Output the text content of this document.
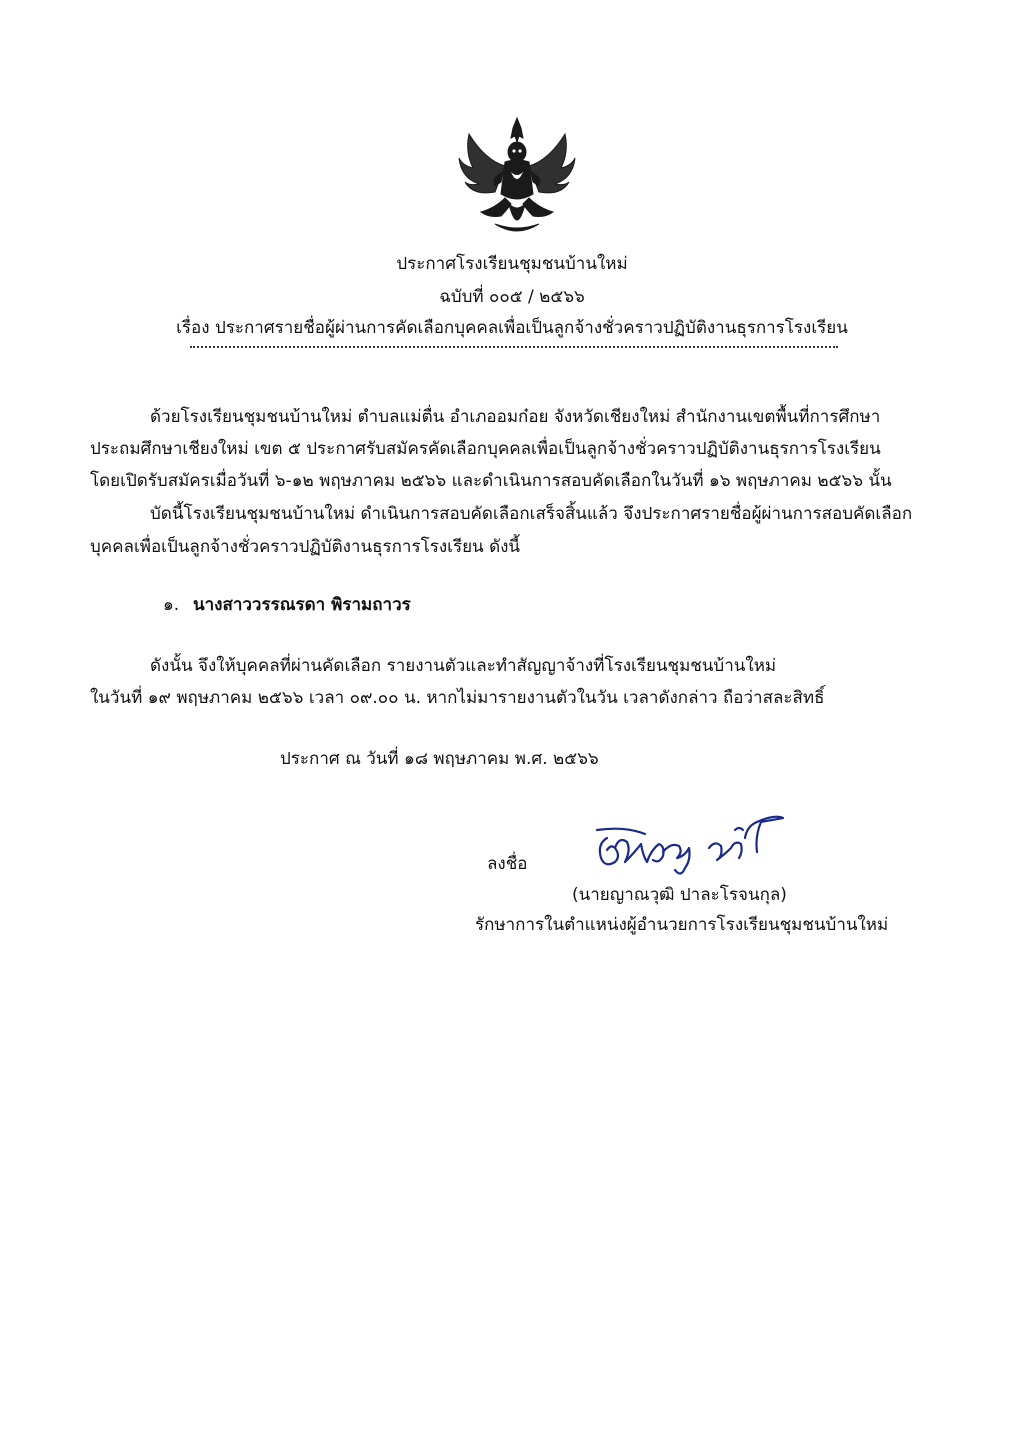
ประกาศโรงเรียนชุมชนบ้านใหม่
ฉบับที่ ๐๐๕ / ๒๕๖๖
เรื่อง ประกาศรายชื่อผู้ผ่านการคัดเลือกบุคคลเพื่อเป็นลูกจ้างชั่วคราวปฏิบัติงานธุรการโรงเรียน
ด้วยโรงเรียนชุมชนบ้านใหม่ ตำบลแม่ตื่น อำเภออมก๋อย จังหวัดเชียงใหม่ สำนักงานเขตพื้นที่การศึกษา
ประถมศึกษาเชียงใหม่ เขต ๕ ประกาศรับสมัครคัดเลือกบุคคลเพื่อเป็นลูกจ้างชั่วคราวปฏิบัติงานธุรการโรงเรียน
โดยเปิดรับสมัครเมื่อวันที่ ๖-๑๒ พฤษภาคม ๒๕๖๖ และดำเนินการสอบคัดเลือกในวันที่ ๑๖ พฤษภาคม ๒๕๖๖ นั้น
บัดนี้โรงเรียนชุมชนบ้านใหม่ ดำเนินการสอบคัดเลือกเสร็จสิ้นแล้ว จึงประกาศรายชื่อผู้ผ่านการสอบคัดเลือก
บุคคลเพื่อเป็นลูกจ้างชั่วคราวปฏิบัติงานธุรการโรงเรียน ดังนี้
๑. นางสาววรรณรดา พิรามถาวร
ดังนั้น จึงให้บุคคลที่ผ่านคัดเลือก รายงานตัวและทำสัญญาจ้างที่โรงเรียนชุมชนบ้านใหม่
ในวันที่ ๑๙ พฤษภาคม ๒๕๖๖ เวลา ๐๙.๐๐ น. หากไม่มารายงานตัวในวัน เวลาดังกล่าว ถือว่าสละสิทธิ์
ประกาศ ณ วันที่ ๑๘ พฤษภาคม พ.ศ. ๒๕๖๖
ลงชื่อ
(นายญาณวุฒิ ปาละโรจนกุล)
รักษาการในตำแหน่งผู้อำนวยการโรงเรียนชุมชนบ้านใหม่
